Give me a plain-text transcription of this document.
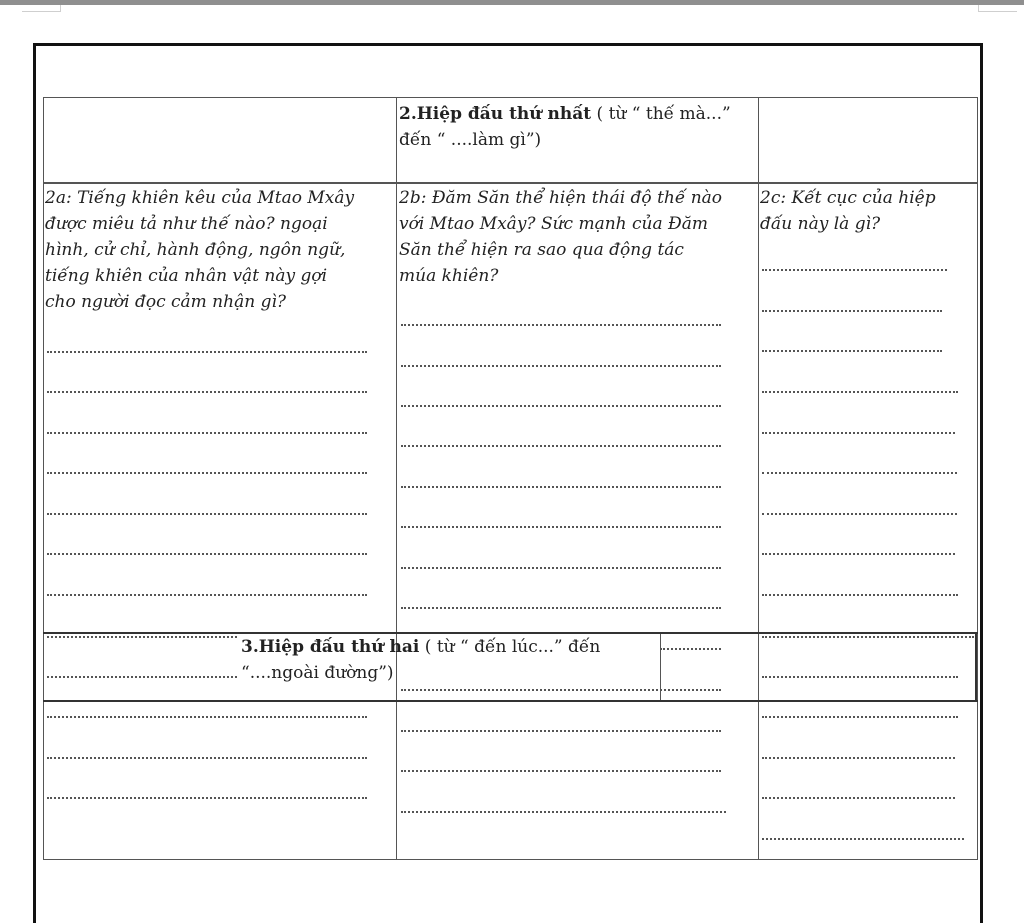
2.Hiệp đấu thứ nhất ( từ “ thế mà...”
đến “ ....làm gì”)
2a: Tiếng khiên kêu của Mtao Mxây
được miêu tả như thế nào? ngoại
hình, cử chỉ, hành động, ngôn ngữ,
tiếng khiên của nhân vật này gợi
cho người đọc cảm nhận gì?
2b: Đăm Săn thể hiện thái độ thế nào
với Mtao Mxây? Sức mạnh của Đăm
Săn thể hiện ra sao qua động tác
múa khiên?
2c: Kết cục của hiệp
đấu này là gì?
3.Hiệp đấu thứ hai ( từ “ đến lúc...” đến
“....ngoài đường”)
